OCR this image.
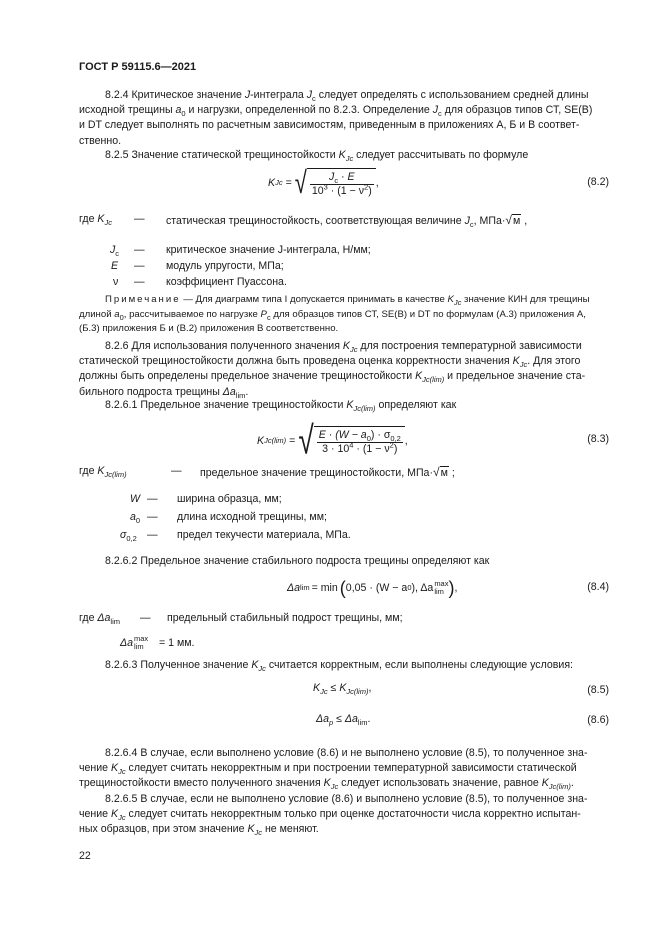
ГОСТ Р 59115.6—2021
8.2.4 Критическое значение J-интеграла $J_c$ следует определять с использованием средней длины
исходной трещины $a_0$ и нагрузки, определенной по 8.2.3. Определение $J_c$ для образцов типов СТ, SE(B)
и DT следует выполнять по расчетным зависимостям, приведенным в приложениях А, Б и В соответ-
ственно.
8.2.5 Значение статической трещиностойкости $K_{Jc}$ следует рассчитывать по формуле
K Jc = √ $\frac{J_c \cdot E}{10^3 \cdot (1 - \nu^2)}$ ,	(8.2)
где $K_{Jc}$ — статическая трещиностойкость, соответствующая величине $J_c$, МПа·√м ,
$J_c$ — критическое значение J-интеграла, Н/мм;
E — модуль упругости, МПа;
ν — коэффициент Пуассона.
Примечание — Для диаграмм типа I допускается принимать в качестве $K_{Jc}$ значение КИН для трещины
длиной $a_0$, рассчитываемое по нагрузке $P_c$ для образцов типов СТ, SE(B) и DT по формулам (А.3) приложения А,
(Б.3) приложения Б и (В.2) приложения В соответственно.
8.2.6 Для использования полученного значения $K_{Jc}$ для построения температурной зависимости
статической трещиностойкости должна быть проведена оценка корректности значения $K_{Jc}$. Для этого
должны быть определены предельное значение трещиностойкости $K_{Jc(lim)}$ и предельное значение ста-
бильного подроста трещины $\Delta a_{lim}$.
8.2.6.1 Предельное значение трещиностойкости $K_{Jc(lim)}$ определяют как
K Jc(lim) = √ $\frac{E \cdot (W - a_0) \cdot \sigma_{0,2}}{3 \cdot 10^4 \cdot (1 - \nu^2)}$ ,	(8.3)
где $K_{Jc(lim)}$	— предельное значение трещиностойкости, МПа·√м ;
W — ширина образца, мм;
$a_0$ — длина исходной трещины, мм;
$\sigma_{0,2}$ — предел текучести материала, МПа.
8.2.6.2 Предельное значение стабильного подроста трещины определяют как
Δa lim = min ( 0,05 · (W − a 0 ), Δa max
lim ) ,	(8.4)
где $\Delta a_{lim}$ — предельный стабильный подрост трещины, мм;
Δa max
lim	= 1 мм.
8.2.6.3 Полученное значение $K_{Jc}$ считается корректным, если выполнены следующие условия:
$K_{Jc} \le K_{Jc(lim)}$,	(8.5)
$\Delta a_p \le \Delta a_{lim}$.	(8.6)
8.2.6.4 В случае, если выполнено условие (8.6) и не выполнено условие (8.5), то полученное зна-
чение $K_{Jc}$ следует считать некорректным и при построении температурной зависимости статической
трещиностойкости вместо полученного значения $K_{Jc}$ следует использовать значение, равное $K_{Jc(lim)}$.
8.2.6.5 В случае, если не выполнено условие (8.6) и выполнено условие (8.5), то полученное зна-
чение $K_{Jc}$ следует считать некорректным только при оценке достаточности числа корректно испытан-
ных образцов, при этом значение $K_{Jc}$ не меняют.
22
